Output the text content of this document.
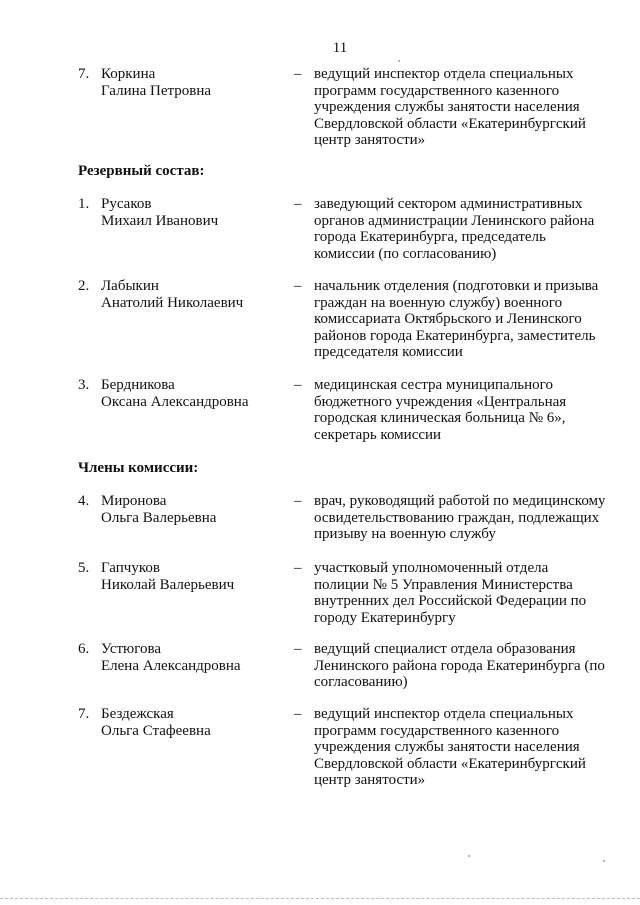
11
7. Коркина
Галина Петровна
– ведущий инспектор отдела специальных программ государственного казенного учреждения службы занятости населения Свердловской области «Екатеринбургский центр занятости»
Резервный состав:
1. Русаков
Михаил Иванович
– заведующий сектором административных органов администрации Ленинского района города Екатеринбурга, председатель комиссии (по согласованию)
2. Лабыкин
Анатолий Николаевич
– начальник отделения (подготовки и призыва граждан на военную службу) военного комиссариата Октябрьского и Ленинского районов города Екатеринбурга, заместитель председателя комиссии
3. Бердникова
Оксана Александровна
– медицинская сестра муниципального бюджетного учреждения «Центральная городская клиническая больница № 6», секретарь комиссии
Члены комиссии:
4. Миронова
Ольга Валерьевна
– врач, руководящий работой по медицинскому освидетельствованию граждан, подлежащих призыву на военную службу
5. Гапчуков
Николай Валерьевич
– участковый уполномоченный отдела полиции № 5 Управления Министерства внутренних дел Российской Федерации по городу Екатеринбургу
6. Устюгова
Елена Александровна
– ведущий специалист отдела образования Ленинского района города Екатеринбурга (по согласованию)
7. Бездежская
Ольга Стафеевна
– ведущий инспектор отдела специальных программ государственного казенного учреждения службы занятости населения Свердловской области «Екатеринбургский центр занятости»
